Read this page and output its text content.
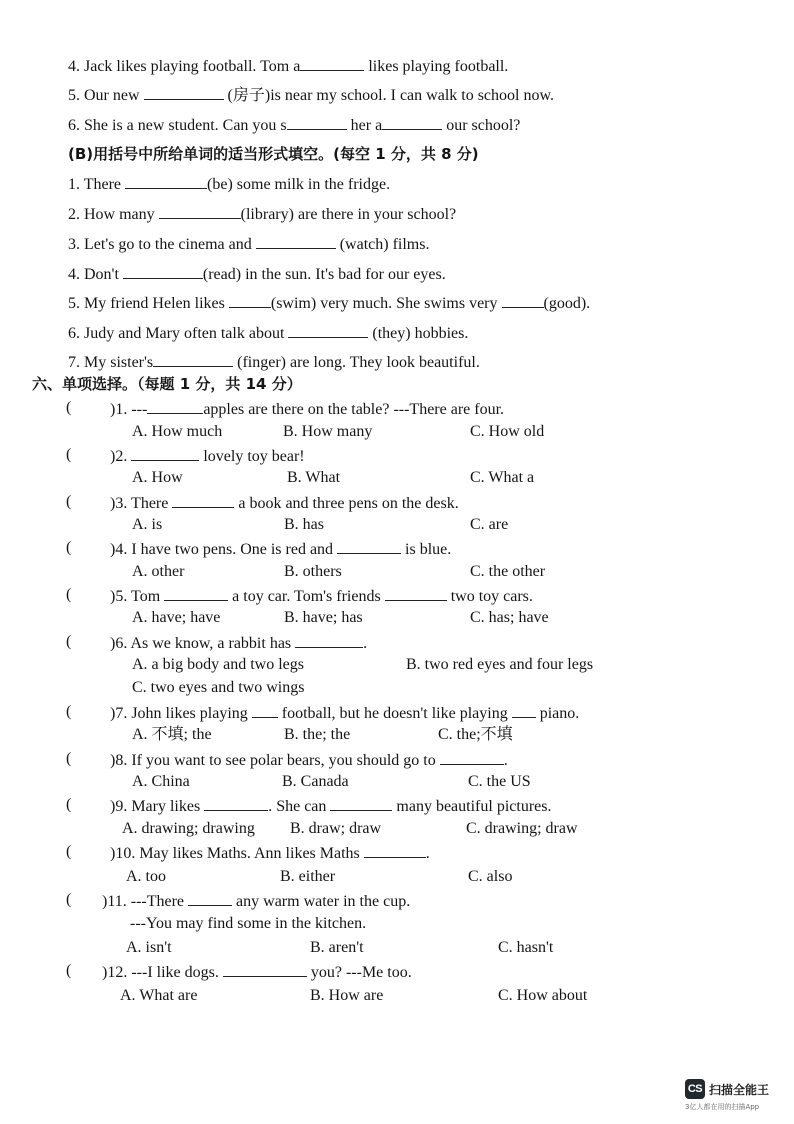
4. Jack likes playing football. Tom a	likes playing football.
5. Our new	(房子)is near my school. I can walk to school now.
6. She is a new student. Can you s	her a	our school?
(B)用括号中所给单词的适当形式填空。(每空 1 分，共 8 分)
1. There	(be) some milk in the fridge.
2. How many	(library) are there in your school?
3. Let's go to the cinema and	(watch) films.
4. Don't	(read) in the sun. It's bad for our eyes.
5. My friend Helen likes	(swim) very much. She swims very	(good).
6. Judy and Mary often talk about	(they) hobbies.
7. My sister's	(finger) are long. They look beautiful.
六、单项选择。（每题 1 分，共 14 分）
( )1. ---	apples are there on the table? ---There are four.
A. How much	B. How many	C. How old
( )2.	lovely toy bear!
A. How	B. What	C. What a
( )3. There	a book and three pens on the desk.
A. is	B. has	C. are
( )4. I have two pens. One is red and	is blue.
A. other	B. others	C. the other
( )5. Tom	a toy car. Tom's friends	two toy cars.
A. have; have	B. have; has	C. has; have
( )6. As we know, a rabbit has	.
A. a big body and two legs	B. two red eyes and four legs
C. two eyes and two wings
( )7. John likes playing  football, but he doesn't like playing  piano.
A. 不填; the	B. the; the	C. the;不填
( )8. If you want to see polar bears, you should go to	.
A. China	B. Canada	C. the US
( )9. Mary likes	. She can	many beautiful pictures.
A. drawing; drawing B. draw; draw	C. drawing; draw
( )10. May likes Maths. Ann likes Maths	.
A. too	B. either	C. also
( )11. ---There	any warm water in the cup.
---You may find some in the kitchen.
A. isn't	B. aren't	C. hasn't
( )12. ---I like dogs.	you? ---Me too.
A. What are	B. How are	C. How about
CS 扫描全能王
3亿人都在用的扫描App
